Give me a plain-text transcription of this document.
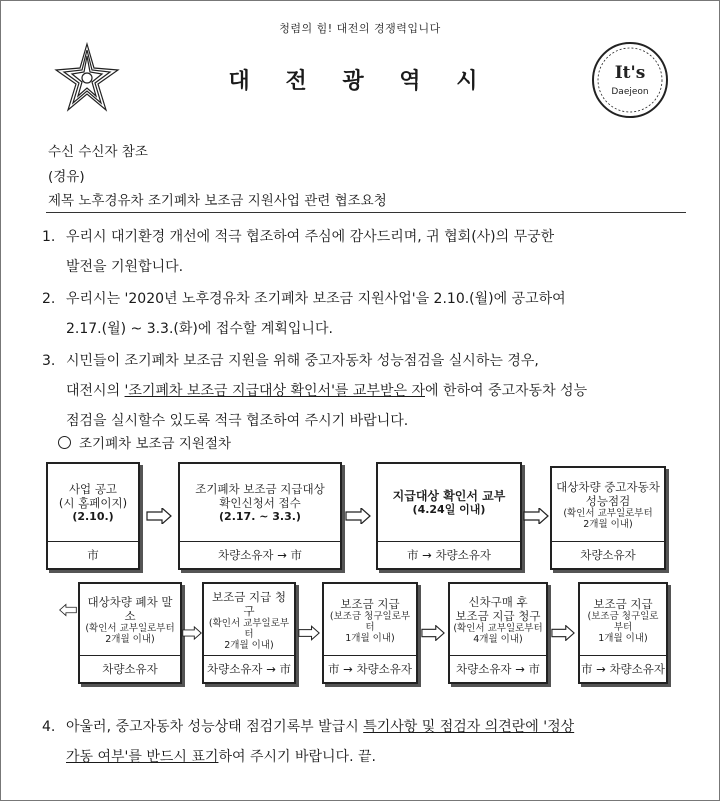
청렴의 힘! 대전의 경쟁력입니다
대 전 광 역 시	It's
Daejeon
수신 수신자 참조
(경유)
제목 노후경유차 조기폐차 보조금 지원사업 관련 협조요청
1. 우리시 대기환경 개선에 적극 협조하여 주심에 감사드리며, 귀 협회(사)의 무궁한
발전을 기원합니다.
2. 우리시는 '2020년 노후경유차 조기폐차 보조금 지원사업'을 2.10.(월)에 공고하여
2.17.(월) ~ 3.3.(화)에 접수할 계획입니다.
3. 시민들이 조기폐차 보조금 지원을 위해 중고자동차 성능점검을 실시하는 경우,
대전시의 '조기폐차 보조금 지급대상 확인서'를 교부받은 자에 한하여 중고자동차 성능
점검을 실시할수 있도록 적극 협조하여 주시기 바랍니다.
조기폐차 보조금 지원절차
사업 공고
(시 홈페이지)
(2.10.)
市
조기폐차 보조금 지급대상
확인신청서 접수
(2.17. ~ 3.3.)
차량소유자 → 市
지급대상 확인서 교부
(4.24일 이내)
市 → 차량소유자
대상차량 중고자동차
성능점검
(확인서 교부일로부터
2개월 이내)
차량소유자
대상차량 폐차 말소
(확인서 교부일로부터
2개월 이내)
차량소유자
보조금 지급 청구
(확인서 교부일로부터
2개월 이내)
차량소유자 → 市
보조금 지급
(보조금 청구일로부터
1개월 이내)
市 → 차량소유자
신차구매 후
보조금 지급 청구
(확인서 교부일로부터
4개월 이내)
차량소유자 → 市
보조금 지급
(보조금 청구일로부터
1개월 이내)
市 → 차량소유자
4. 아울러, 중고자동차 성능상태 점검기록부 발급시 특기사항 및 점검자 의견란에 '정상
가동 여부'를 반드시 표기하여 주시기 바랍니다. 끝.
